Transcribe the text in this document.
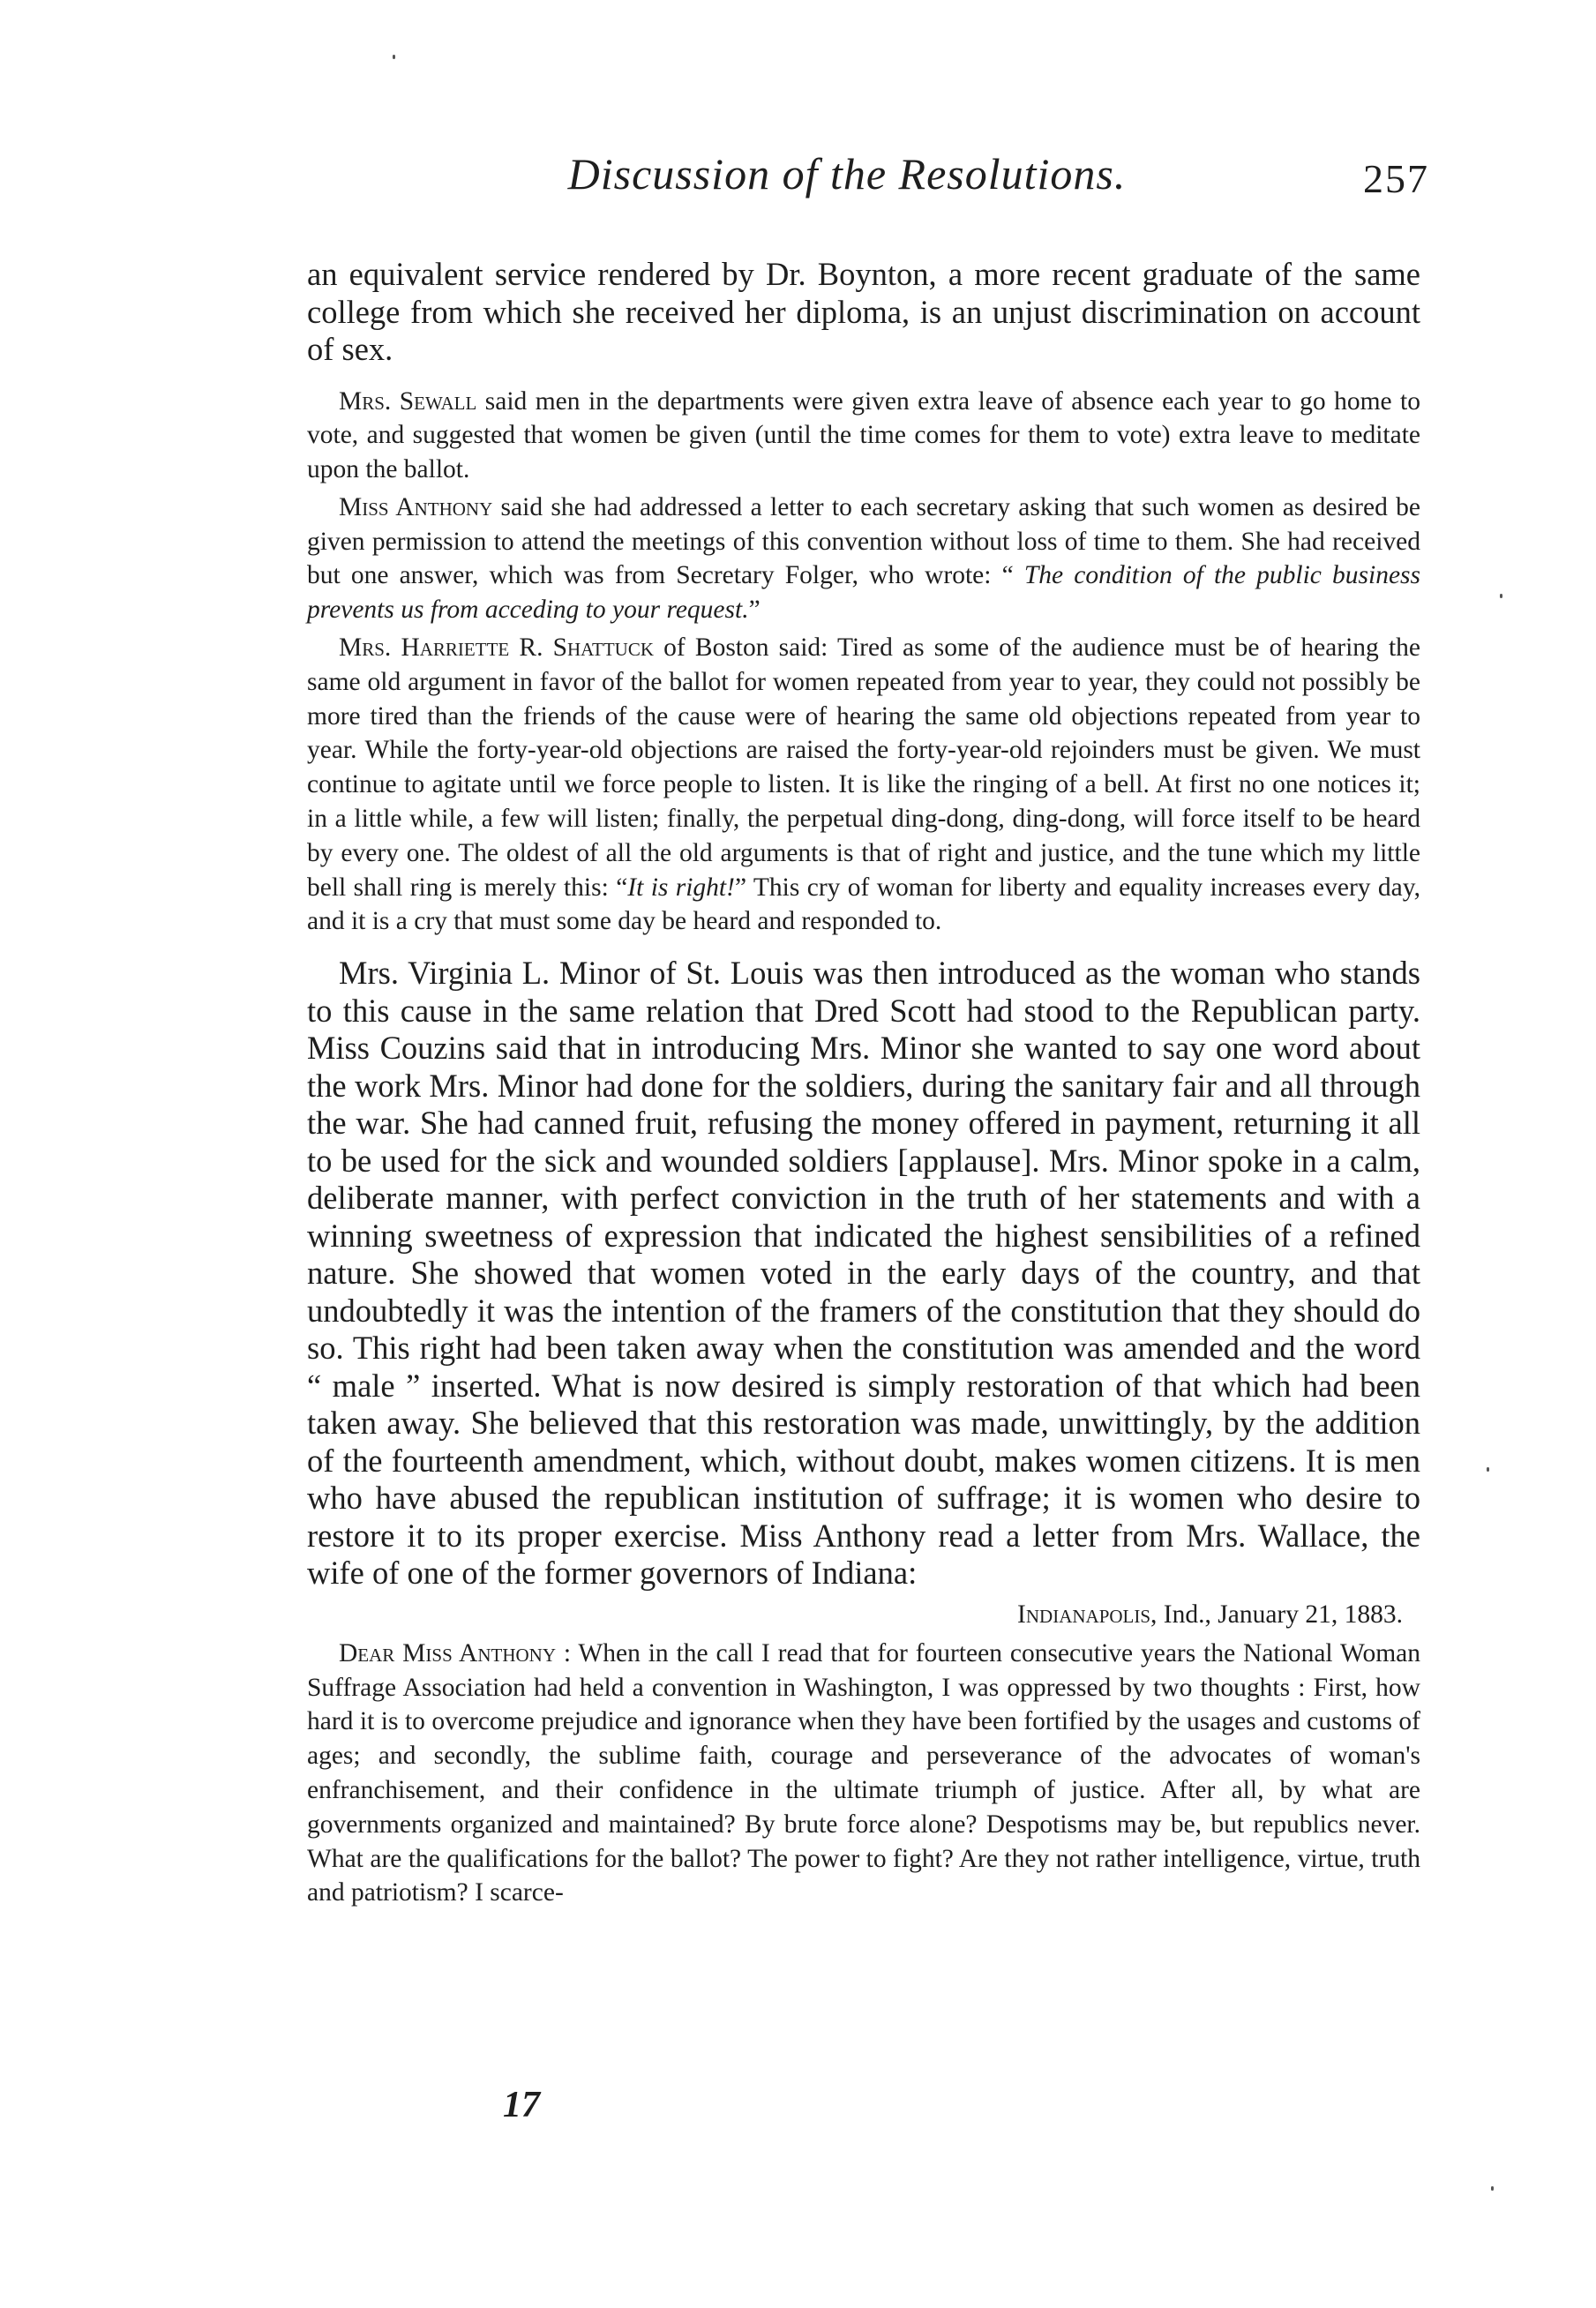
Discussion of the Resolutions.	257

an equivalent service rendered by Dr. Boynton, a more recent graduate of the same college from which she received her diploma, is an unjust discrimination on account of sex.

Mrs. Sewall said men in the departments were given extra leave of absence each year to go home to vote, and suggested that women be given (until the time comes for them to vote) extra leave to meditate upon the ballot.

Miss Anthony said she had addressed a letter to each secretary asking that such women as desired be given permission to attend the meetings of this convention without loss of time to them. She had received but one answer, which was from Secretary Folger, who wrote: “ The condition of the public business prevents us from acceding to your request.”

Mrs. Harriette R. Shattuck of Boston said: Tired as some of the audience must be of hearing the same old argument in favor of the ballot for women repeated from year to year, they could not possibly be more tired than the friends of the cause were of hearing the same old objections repeated from year to year. While the forty-year-old objections are raised the forty-year-old rejoinders must be given. We must continue to agitate until we force people to listen. It is like the ringing of a bell. At first no one notices it; in a little while, a few will listen; finally, the perpetual ding-dong, ding-dong, will force itself to be heard by every one. The oldest of all the old arguments is that of right and justice, and the tune which my little bell shall ring is merely this: “It is right!” This cry of woman for liberty and equality increases every day, and it is a cry that must some day be heard and responded to.

Mrs. Virginia L. Minor of St. Louis was then introduced as the woman who stands to this cause in the same relation that Dred Scott had stood to the Republican party. Miss Couzins said that in introducing Mrs. Minor she wanted to say one word about the work Mrs. Minor had done for the soldiers, during the sanitary fair and all through the war. She had canned fruit, refusing the money offered in payment, returning it all to be used for the sick and wounded soldiers [applause]. Mrs. Minor spoke in a calm, deliberate manner, with perfect conviction in the truth of her statements and with a winning sweetness of expression that indicated the highest sensibilities of a refined nature. She showed that women voted in the early days of the country, and that undoubtedly it was the intention of the framers of the constitution that they should do so. This right had been taken away when the constitution was amended and the word “ male ” inserted. What is now desired is simply restoration of that which had been taken away. She believed that this restoration was made, unwittingly, by the addition of the fourteenth amendment, which, without doubt, makes women citizens. It is men who have abused the republican institution of suffrage; it is women who desire to restore it to its proper exercise. Miss Anthony read a letter from Mrs. Wallace, the wife of one of the former governors of Indiana:

Indianapolis, Ind., January 21, 1883.

Dear Miss Anthony : When in the call I read that for fourteen consecutive years the National Woman Suffrage Association had held a convention in Washington, I was oppressed by two thoughts : First, how hard it is to overcome prejudice and ignorance when they have been fortified by the usages and customs of ages; and secondly, the sublime faith, courage and perseverance of the advocates of woman's enfranchisement, and their confidence in the ultimate triumph of justice. After all, by what are governments organized and maintained? By brute force alone? Despotisms may be, but republics never. What are the qualifications for the ballot? The power to fight? Are they not rather intelligence, virtue, truth and patriotism? I scarce-

17
